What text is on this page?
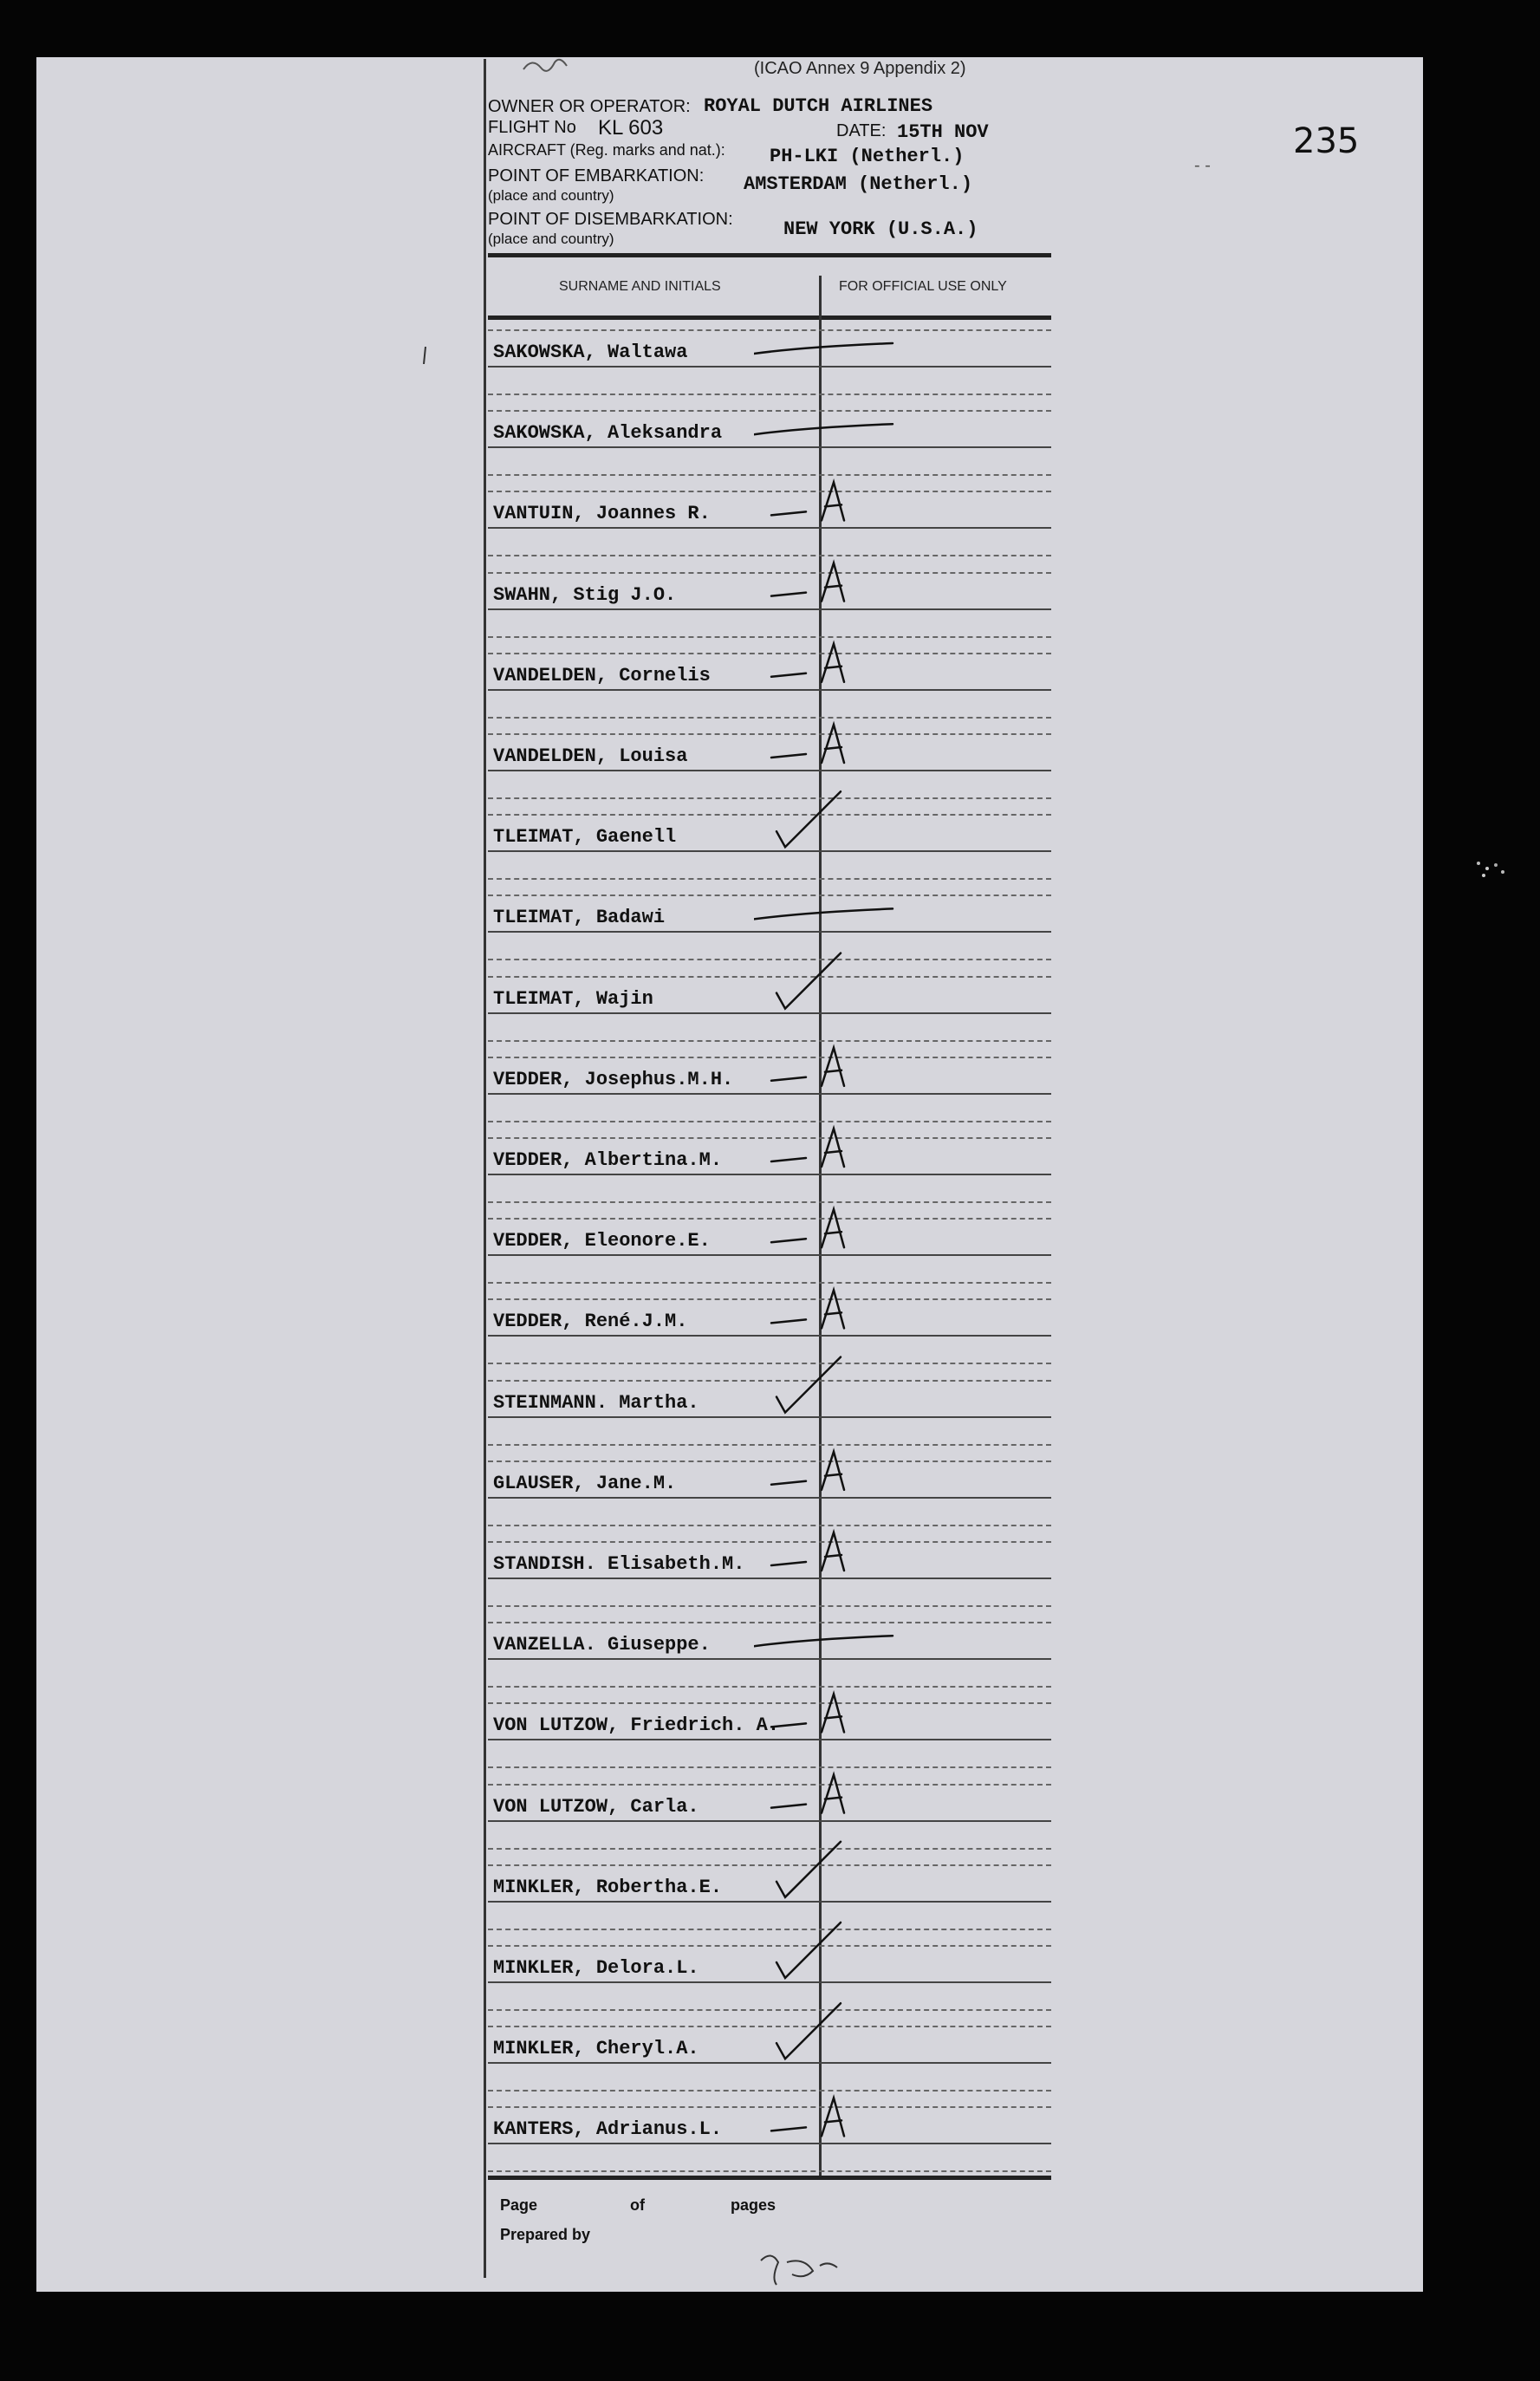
(ICAO Annex 9 Appendix 2)
235
- -
OWNER OR OPERATOR: ROYAL DUTCH AIRLINES
FLIGHT No KL 603	DATE: 15TH NOV
AIRCRAFT (Reg. marks and nat.): PH-LKI (Netherl.)
POINT OF EMBARKATION:
(place and country)
AMSTERDAM (Netherl.)
POINT OF DISEMBARKATION:
(place and country)	NEW YORK (U.S.A.)
SURNAME AND INITIALS	FOR OFFICIAL USE ONLY
SAKOWSKA, Waltawa
SAKOWSKA, Aleksandra
VANTUIN, Joannes R.
SWAHN, Stig J.O.
VANDELDEN, Cornelis
VANDELDEN, Louisa
TLEIMAT, Gaenell
TLEIMAT, Badawi
TLEIMAT, Wajin
VEDDER, Josephus.M.H.
VEDDER, Albertina.M.
VEDDER, Eleonore.E.
VEDDER, René.J.M.
STEINMANN. Martha.
GLAUSER, Jane.M.
STANDISH. Elisabeth.M.
VANZELLA. Giuseppe.
VON LUTZOW, Friedrich. A.
VON LUTZOW, Carla.
MINKLER, Robertha.E.
MINKLER, Delora.L.
MINKLER, Cheryl.A.
KANTERS, Adrianus.L.
Page	of	pages
Prepared by
